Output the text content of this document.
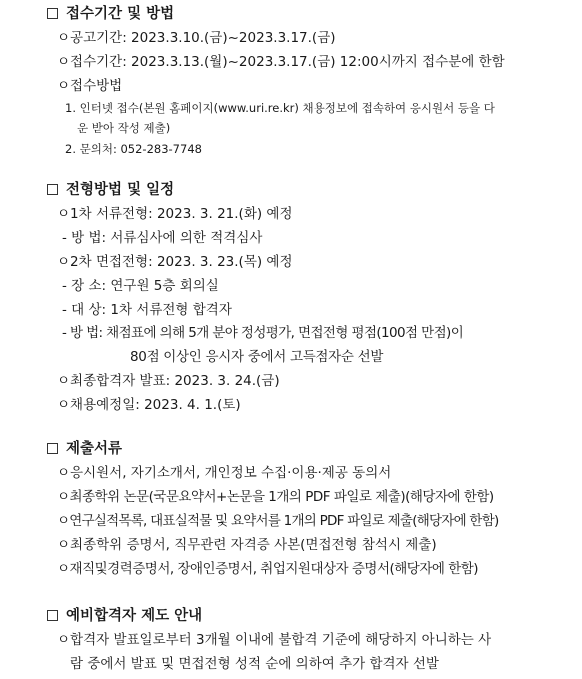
접수기간 및 방법
ㅇ공고기간: 2023.3.10.(금)~2023.3.17.(금)
ㅇ접수기간: 2023.3.13.(월)~2023.3.17.(금) 12:00시까지 접수분에 한함
ㅇ접수방법
1. 인터넷 접수(본원 홈페이지(www.uri.re.kr) 채용정보에 접속하여 응시원서 등을 다
운 받아 작성 제출)
2. 문의처: 052-283-7748
전형방법 및 일정
ㅇ1차 서류전형: 2023. 3. 21.(화) 예정
- 방 법: 서류심사에 의한 적격심사
ㅇ2차 면접전형: 2023. 3. 23.(목) 예정
- 장 소: 연구원 5층 회의실
- 대 상: 1차 서류전형 합격자
- 방 법: 채점표에 의해 5개 분야 정성평가, 면접전형 평점(100점 만점)이
80점 이상인 응시자 중에서 고득점자순 선발
ㅇ최종합격자 발표: 2023. 3. 24.(금)
ㅇ채용예정일: 2023. 4. 1.(토)
제출서류
ㅇ응시원서, 자기소개서, 개인정보 수집·이용·제공 동의서
ㅇ최종학위 논문(국문요약서+논문을 1개의 PDF 파일로 제출)(해당자에 한함)
ㅇ연구실적목록, 대표실적물 및 요약서를 1개의 PDF 파일로 제출(해당자에 한함)
ㅇ최종학위 증명서, 직무관련 자격증 사본(면접전형 참석시 제출)
ㅇ재직및경력증명서, 장애인증명서, 취업지원대상자 증명서(해당자에 한함)
예비합격자 제도 안내
ㅇ합격자 발표일로부터 3개월 이내에 불합격 기준에 해당하지 아니하는 사
람 중에서 발표 및 면접전형 성적 순에 의하여 추가 합격자 선발
